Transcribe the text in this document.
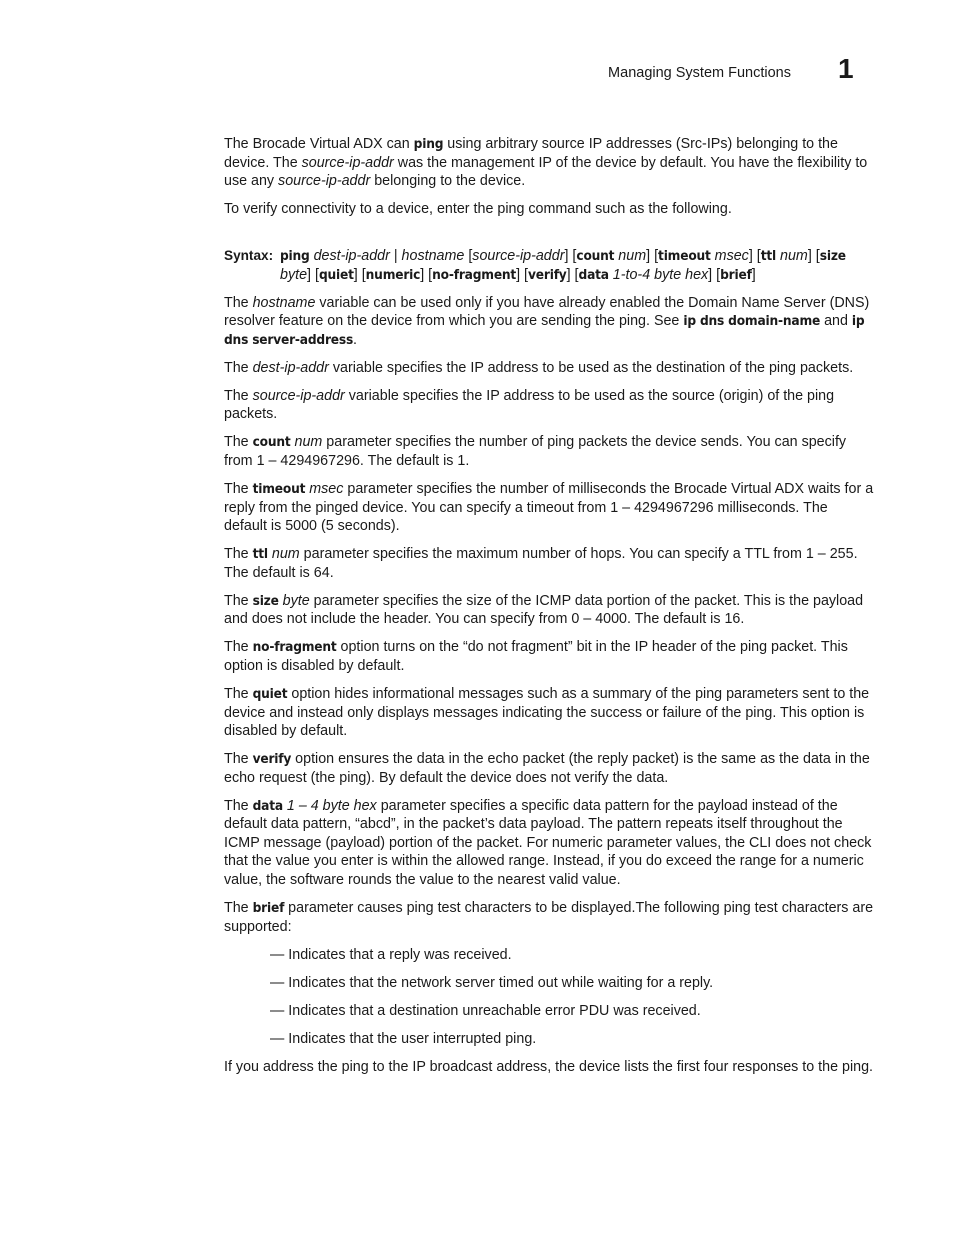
Managing System Functions 1

The Brocade Virtual ADX can ping using arbitrary source IP addresses (Src-IPs) belonging to the device. The source-ip-addr was the management IP of the device by default. You have the flexibility to use any source-ip-addr belonging to the device.

To verify connectivity to a device, enter the ping command such as the following.

Syntax: ping dest-ip-addr | hostname [source-ip-addr] [count num] [timeout msec] [ttl num] [size byte] [quiet] [numeric] [no-fragment] [verify] [data 1-to-4 byte hex] [brief]

The hostname variable can be used only if you have already enabled the Domain Name Server (DNS) resolver feature on the device from which you are sending the ping. See ip dns domain-name and ip dns server-address.

The dest-ip-addr variable specifies the IP address to be used as the destination of the ping packets.

The source-ip-addr variable specifies the IP address to be used as the source (origin) of the ping packets.

The count num parameter specifies the number of ping packets the device sends. You can specify from 1 – 4294967296. The default is 1.

The timeout msec parameter specifies the number of milliseconds the Brocade Virtual ADX waits for a reply from the pinged device. You can specify a timeout from 1 – 4294967296 milliseconds. The default is 5000 (5 seconds).

The ttl num parameter specifies the maximum number of hops. You can specify a TTL from 1 – 255. The default is 64.

The size byte parameter specifies the size of the ICMP data portion of the packet. This is the payload and does not include the header. You can specify from 0 – 4000. The default is 16.

The no-fragment option turns on the “do not fragment” bit in the IP header of the ping packet. This option is disabled by default.

The quiet option hides informational messages such as a summary of the ping parameters sent to the device and instead only displays messages indicating the success or failure of the ping. This option is disabled by default.

The verify option ensures the data in the echo packet (the reply packet) is the same as the data in the echo request (the ping). By default the device does not verify the data.

The data 1 – 4 byte hex parameter specifies a specific data pattern for the payload instead of the default data pattern, “abcd”, in the packet’s data payload. The pattern repeats itself throughout the ICMP message (payload) portion of the packet. For numeric parameter values, the CLI does not check that the value you enter is within the allowed range. Instead, if you do exceed the range for a numeric value, the software rounds the value to the nearest valid value.

The brief parameter causes ping test characters to be displayed.The following ping test characters are supported:

— Indicates that a reply was received.
— Indicates that the network server timed out while waiting for a reply.
— Indicates that a destination unreachable error PDU was received.
— Indicates that the user interrupted ping.

If you address the ping to the IP broadcast address, the device lists the first four responses to the ping.
